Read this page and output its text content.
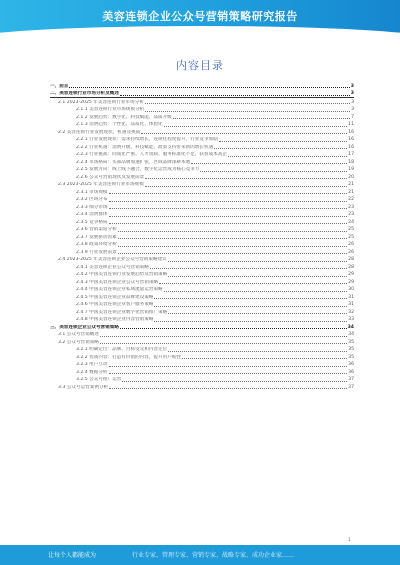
美容连锁企业公众号营销策略研究报告
内容目录
一、前言	3
二、美容连锁行业市场分析及概述	3
2.1 2023-2025 年美容连锁行业市场分析	3
2.1.1 美容连锁行业市场规模分析	3
2.1.2 发展趋势：数字化、科技赋能、品质升级	7
2.1.3 消费趋势：个性化、品质化、体验化	11
2.2 美容连锁行业发展现状、机遇及挑战	16
2.2.1 行业发展现状：需求持续增长，连锁化程度提升，行业竞争加剧	16
2.2.2 行业机遇：消费升级、科技赋能、政策支持带来新的增长机遇	16
2.2.3 行业挑战：同质化严重、人才短缺、服务标准化不足、获客成本高企	17
2.2.4 市场格局：头部品牌加速扩张，区域品牌深耕本地	18
2.2.5 发展方向：线上线下融合，数字化运营成为核心竞争力	19
2.2.6 公众号营销现状及发展前景	20
2.3 2023-2025 年美容连锁行业市场规模	21
2.3.1 市场规模	21
2.3.2 区域分布	22
2.3.3 细分市场	23
2.3.4 消费群体	23
2.3.5 竞争格局	24
2.3.6 营销渠道分析	25
2.3.7 发展驱动因素	25
2.3.8 政策环境分析	26
2.3.9 行业发展前景	26
2.4 2023-2025 年美容连锁企业公众号营销策略建议	28
2.4.1 美容连锁企业公众号营销策略	28
2.4.2 中国美容连锁行业发展趋势及营销策略	29
2.4.3 中国美容连锁企业公众号营销策略	29
2.4.4 中国美容连锁企业私域流量运营策略	30
2.4.5 中国美容连锁企业品牌建设策略	31
2.4.6 中国美容连锁企业客户服务策略	31
2.4.7 中国美容连锁企业数字化营销推广策略	32
2.4.8 中国美容连锁企业内容营销策略	33
三、美容连锁企业公众号营销策略	34
3.1 公众号营销概述	34
3.2 公众号营销策略	35
3.2.1 明确定位：品牌、目标受众和内容定位	35
3.2.2 优质内容：打造有价值的内容，提升用户粘性	35
3.2.3 用户互动	36
3.2.4 数据分析	36
3.2.5 公众号推广运营	37
3.3 公众号运营案例分析	37
1
让每个人都能成为	行业专家、管理专家、营销专家、战略专家、成功企业家……
